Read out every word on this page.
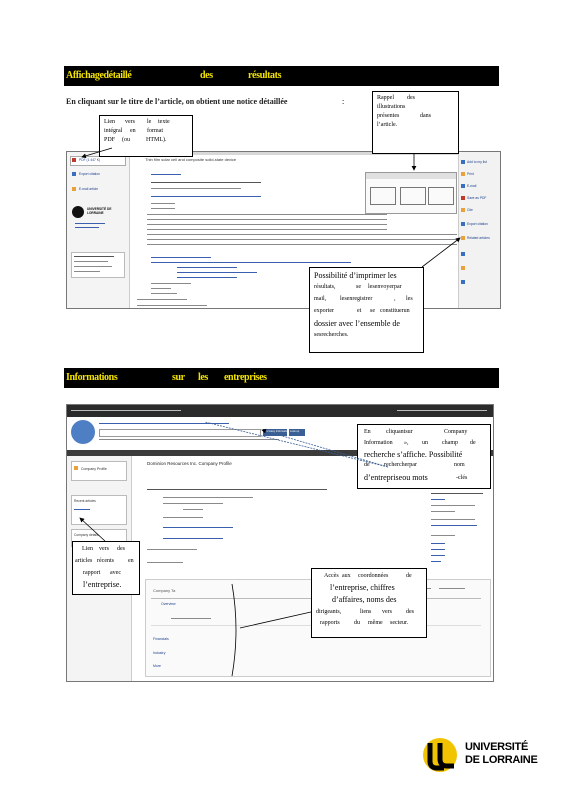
Affichagedétaillé	des	résultats
En cliquant sur le titre de l’article, on obtient une notice détaillée	:
Thin film solar cell and composite solid-state device
PDF (1 447 K)
Export citation
E-mail article
UNIVERSITÉ DE LORRAINE
Add to my list
Print
E-mail
Save as PDF
Cite
Export citation
Related articles
Lien vers le texte
intégral en format
PDF (ou	HTML).
Rappel des
illustrations
présentes	dans
l’article.
Possibilité d’imprimer les
résultats,	se lesenvoyerpar
mail, lesenregistrer	, les
exporter	et se constituerun
dossier avec l’ensemble de
sesrecherches.
Informations	sur les entreprises
Company Information Look up
Company Profile
Recent articles
Company details
Dominion Resources Inc. Company Profile
Company Ta
Overview
Financials
Industry
More
En	cliquantsur	Company
Information », un champ de
recherche s’affiche. Possibilité
de rechercherpar	nom
d’entrepriseou mots	-clés
Lien vers des
articles récents en
rapport avec
l’entreprise.
Accès aux coordonnées	de
l’entreprise, chiffres
d’affaires, noms des
dirigeants,	liens vers des
rapports du même secteur.
UNIVERSITÉ
DE LORRAINE
